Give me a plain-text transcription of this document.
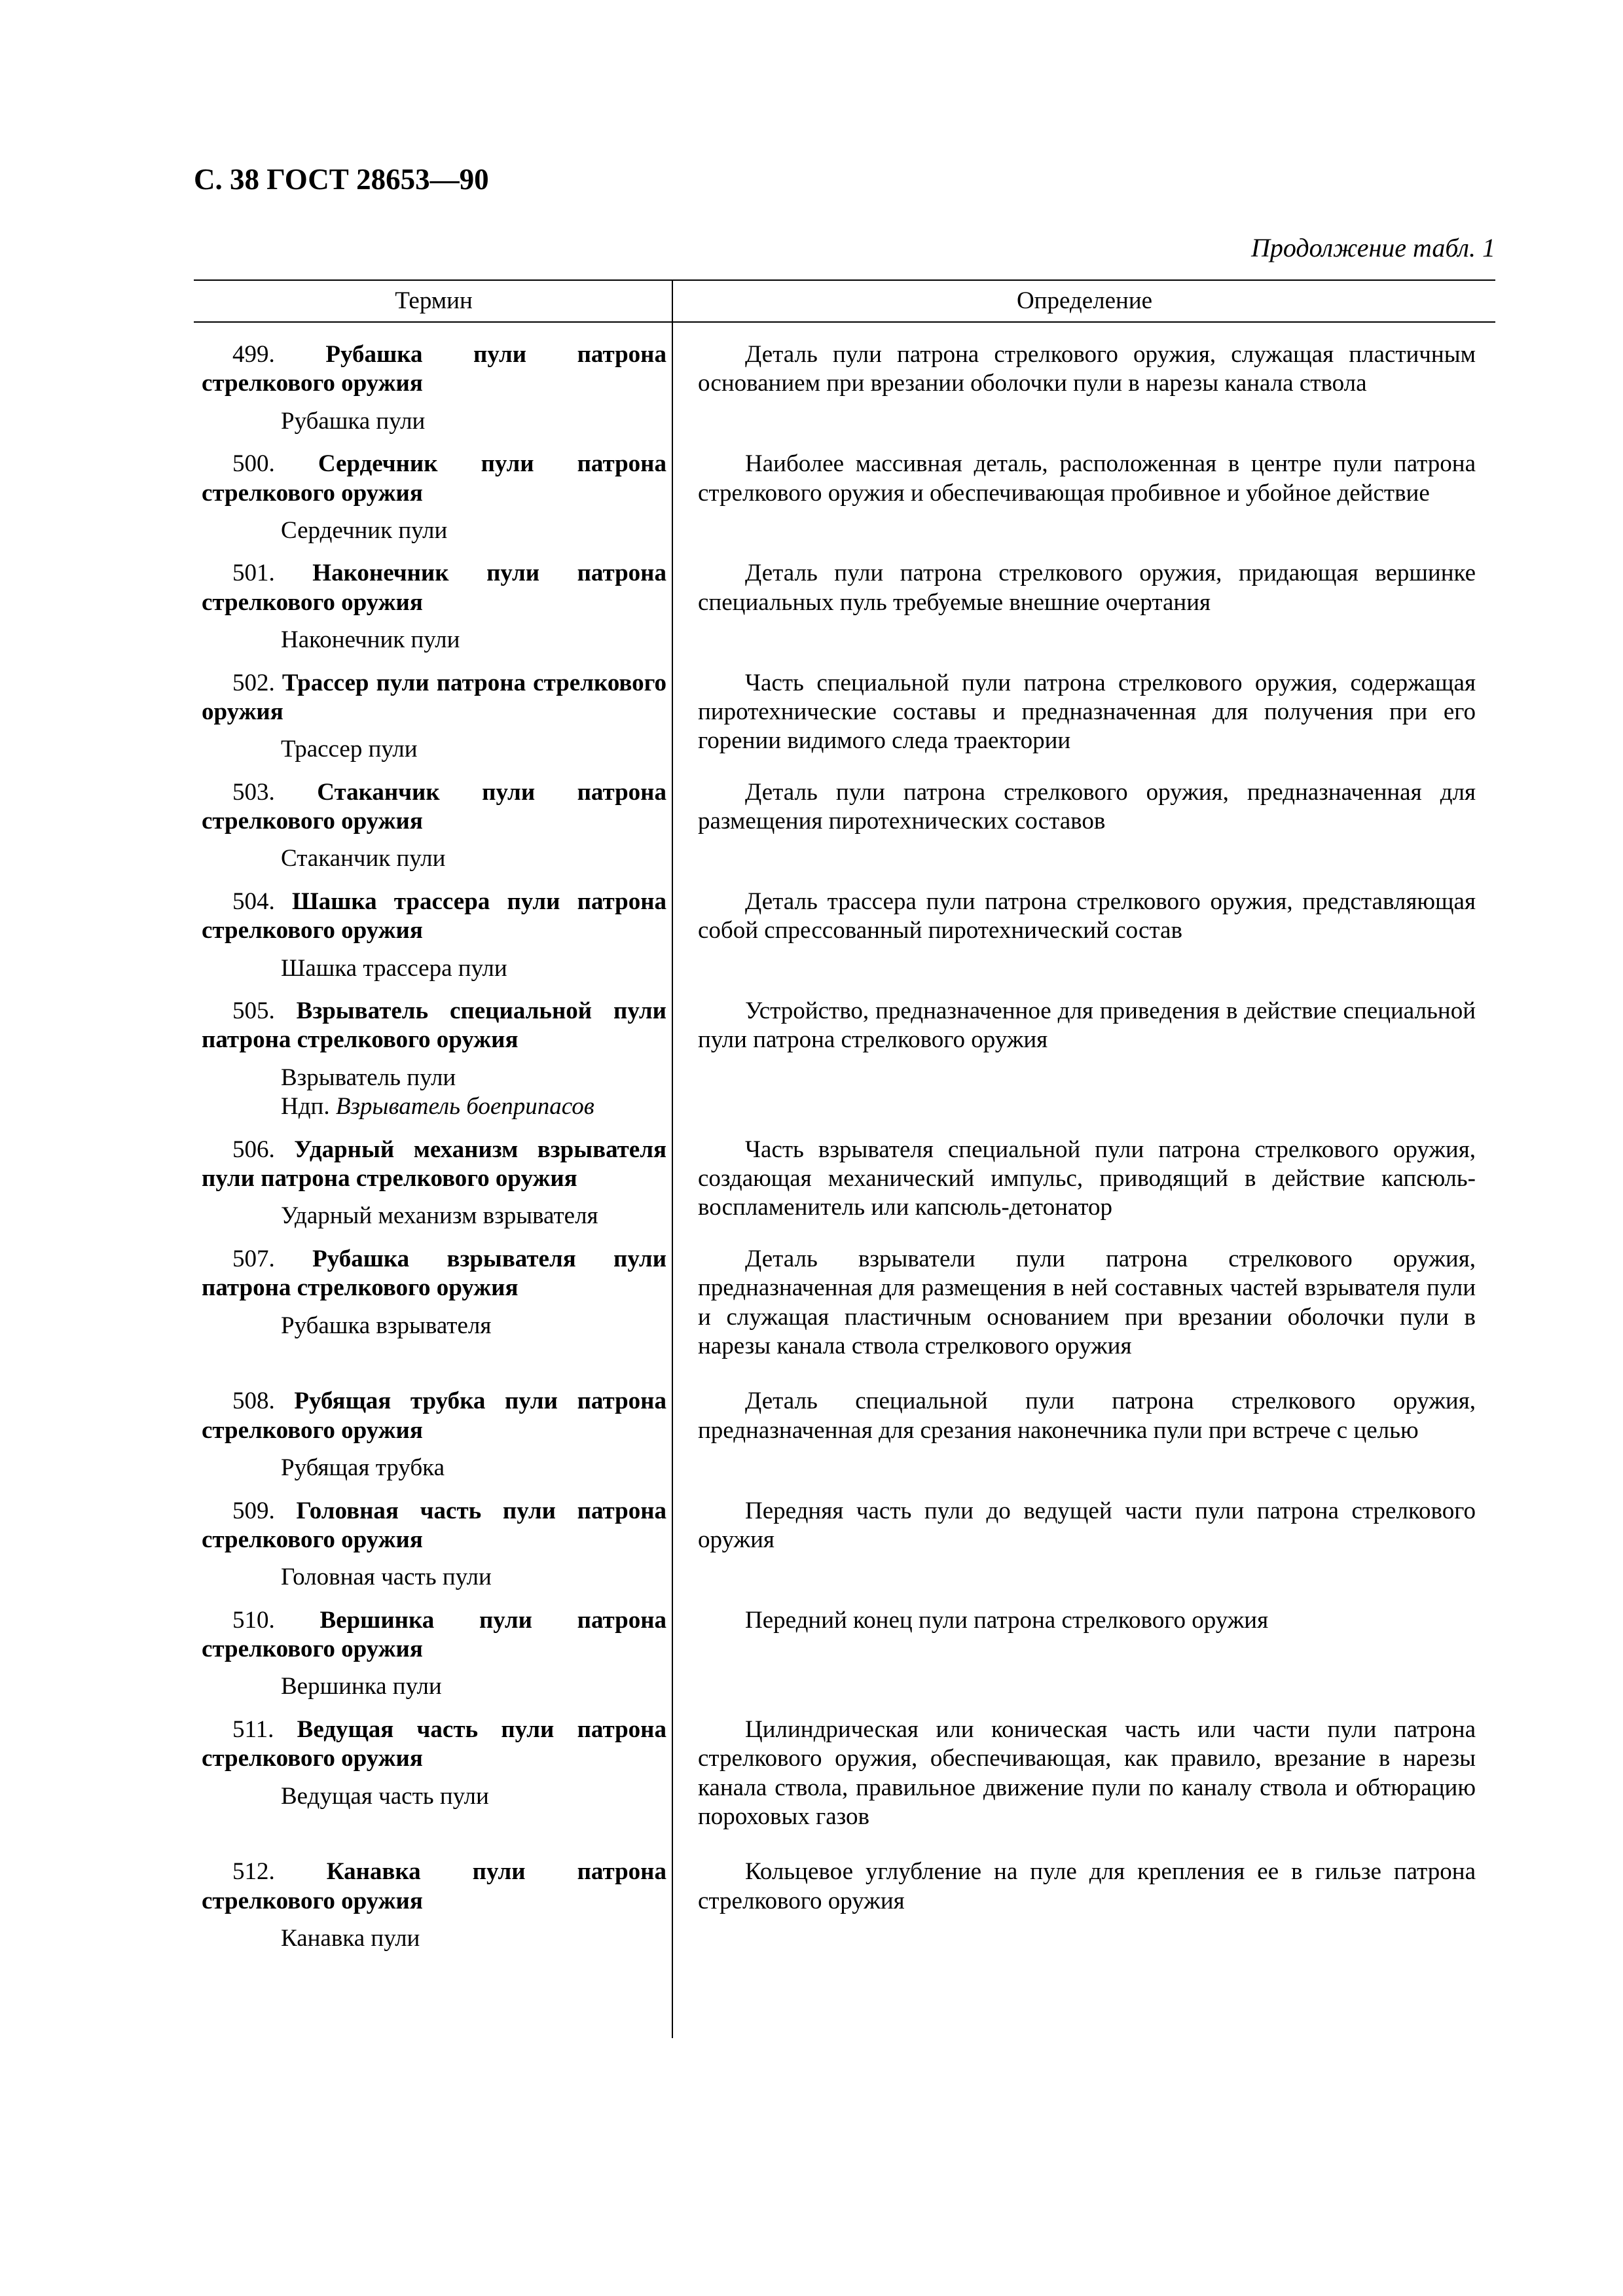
С. 38 ГОСТ 28653—90
Продолжение табл. 1
Термин	Определение
499. Рубашка пули патрона стрелкового оружия
Рубашка пули
Деталь пули патрона стрелкового оружия, служащая пластичным основанием при врезании оболочки пули в нарезы канала ствола
500. Сердечник пули патрона стрелкового оружия
Сердечник пули
Наиболее массивная деталь, расположенная в центре пули патрона стрелкового оружия и обеспечивающая пробивное и убойное действие
501. Наконечник пули патрона стрелкового оружия
Наконечник пули
Деталь пули патрона стрелкового оружия, придающая вершинке специальных пуль требуемые внешние очертания
502. Трассер пули патрона стрелкового оружия
Трассер пули
Часть специальной пули патрона стрелкового оружия, содержащая пиротехнические составы и предназначенная для получения при его горении видимого следа траектории
503. Стаканчик пули патрона стрелкового оружия
Стаканчик пули
Деталь пули патрона стрелкового оружия, предназначенная для размещения пиротехнических составов
504. Шашка трассера пули патрона стрелкового оружия
Шашка трассера пули
Деталь трассера пули патрона стрелкового оружия, представляющая собой спрессованный пиротехнический состав
505. Взрыватель специальной пули патрона стрелкового оружия
Взрыватель пули
Ндп. Взрыватель боеприпасов
Устройство, предназначенное для приведения в действие специальной пули патрона стрелкового оружия
506. Ударный механизм взрывателя пули патрона стрелкового оружия
Ударный механизм взрывателя
Часть взрывателя специальной пули патрона стрелкового оружия, создающая механический импульс, приводящий в действие капсюль-воспламенитель или капсюль-детонатор
507. Рубашка взрывателя пули патрона стрелкового оружия
Рубашка взрывателя
Деталь взрыватели пули патрона стрелкового оружия, предназначенная для размещения в ней составных частей взрывателя пули и служащая пластичным основанием при врезании оболочки пули в нарезы канала ствола стрелкового оружия
508. Рубящая трубка пули патрона стрелкового оружия
Рубящая трубка
Деталь специальной пули патрона стрелкового оружия, предназначенная для срезания наконечника пули при встрече с целью
509. Головная часть пули патрона стрелкового оружия
Головная часть пули
Передняя часть пули до ведущей части пули патрона стрелкового оружия
510. Вершинка пули патрона стрелкового оружия
Вершинка пули
Передний конец пули патрона стрелкового оружия
511. Ведущая часть пули патрона стрелкового оружия
Ведущая часть пули
Цилиндрическая или коническая часть или части пули патрона стрелкового оружия, обеспечивающая, как правило, врезание в нарезы канала ствола, правильное движение пули по каналу ствола и обтюрацию пороховых газов
512. Канавка пули патрона стрелкового оружия
Канавка пули
Кольцевое углубление на пуле для крепления ее в гильзе патрона стрелкового оружия
